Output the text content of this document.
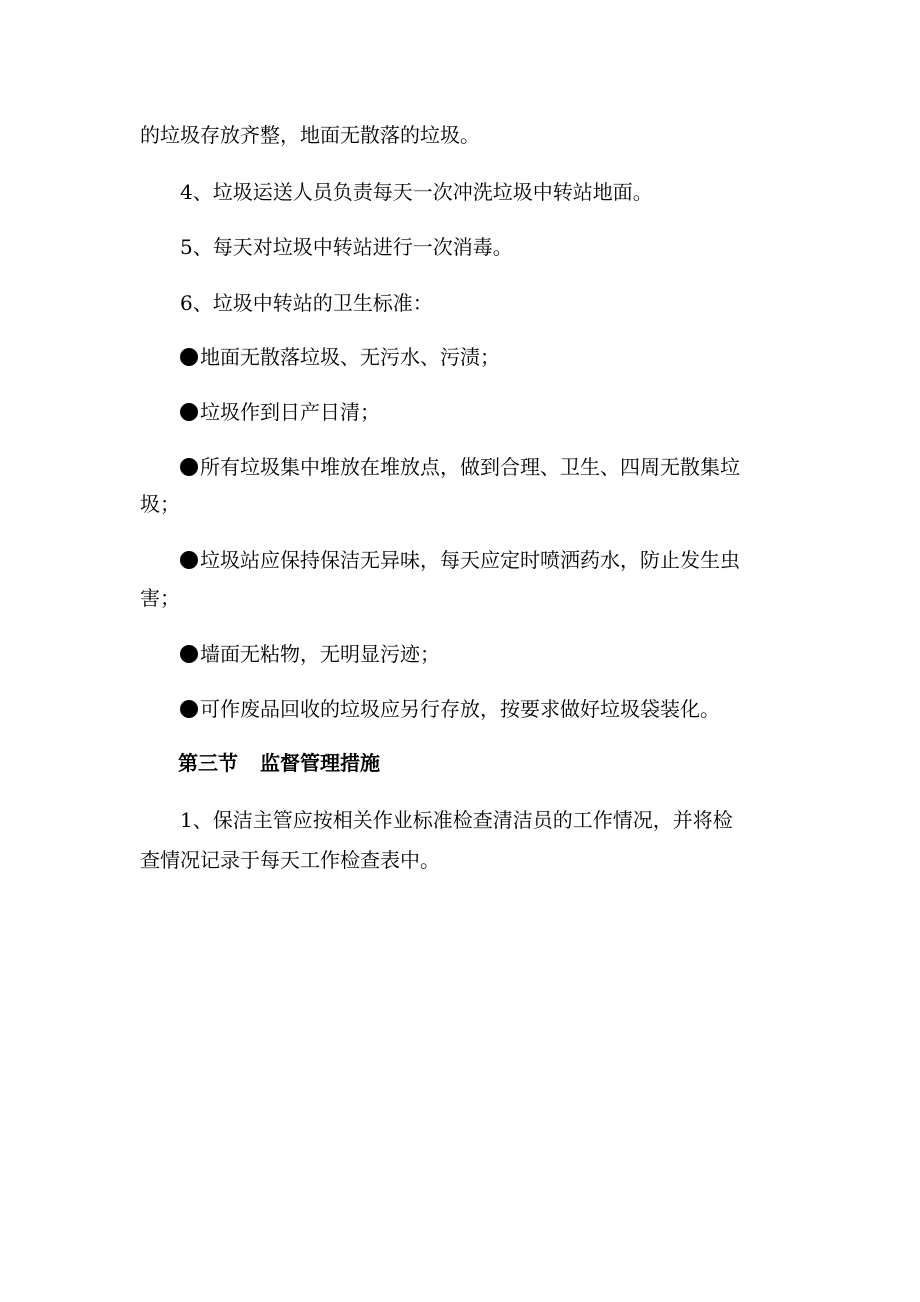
的垃圾存放齐整，地面无散落的垃圾。
4、垃圾运送人员负责每天一次冲洗垃圾中转站地面。
5、每天对垃圾中转站进行一次消毒。
6、垃圾中转站的卫生标准：
地面无散落垃圾、无污水、污渍；
垃圾作到日产日清；
所有垃圾集中堆放在堆放点，做到合理、卫生、四周无散集垃
圾；
垃圾站应保持保洁无异味，每天应定时喷洒药水，防止发生虫
害；
墙面无粘物，无明显污迹；
可作废品回收的垃圾应另行存放，按要求做好垃圾袋装化。
第三节 监督管理措施
1、保洁主管应按相关作业标准检查清洁员的工作情况，并将检
查情况记录于每天工作检查表中。
